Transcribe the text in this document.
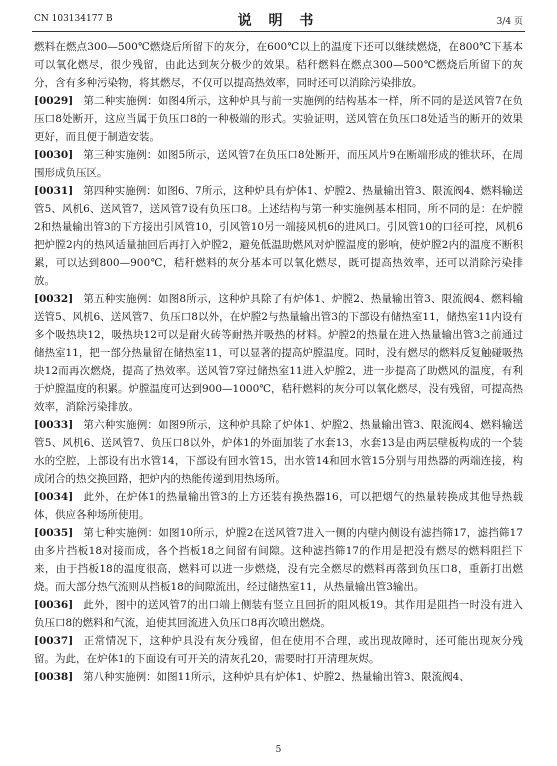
CN 103134177 B	说 明 书	3/4 页

燃料在燃点300—500℃燃烧后所留下的灰分，在600℃以上的温度下还可以继续燃烧，在800℃下基本可以氧化燃尽，很少残留，由此达到灰分极少的效果。秸秆燃料在燃点300—500℃燃烧后所留下的灰分，含有多种污染物，将其燃尽，不仅可以提高热效率，同时还可以消除污染排放。

[0029] 第二种实施例：如图4所示，这种炉具与前一实施例的结构基本一样，所不同的是送风管7在负压口8处断开，这应当属于负压口8的一种极端的形式。实验证明，送风管在负压口8处适当的断开的效果更好，而且便于制造安装。

[0030] 第三种实施例：如图5所示，送风管7在负压口8处断开，而压风片9在断端形成的锥状环，在周围形成负压区。

[0031] 第四种实施例：如图6、7所示，这种炉具有炉体1、炉膛2、热量输出管3、限流阀4、燃料输送管5、风机6、送风管7，送风管7设有负压口8。上述结构与第一种实施例基本相同，所不同的是：在炉膛2和热量输出管3的下方接出引风管10，引风管10另一端接风机6的进风口。引风管10的口径可控，风机6把炉膛2内的热风适量抽回后再打入炉膛2，避免低温助燃风对炉膛温度的影响，使炉膛2内的温度不断积累，可以达到800—900℃，秸秆燃料的灰分基本可以氧化燃尽，既可提高热效率，还可以消除污染排放。

[0032] 第五种实施例：如图8所示，这种炉具除了有炉体1、炉膛2、热量输出管3、限流阀4、燃料输送管5、风机6、送风管7、负压口8以外，在炉膛2与热量输出管3的下部设有储热室11，储热室11内设有多个吸热块12，吸热块12可以是耐火砖等耐热并吸热的材料。炉膛2的热量在进入热量输出管3之前通过储热室11，把一部分热量留在储热室11，可以显著的提高炉膛温度。同时，没有燃尽的燃料反复触碰吸热块12而再次燃烧，提高了热效率。送风管7穿过储热室11进入炉膛2，进一步提高了助燃风的温度，有利于炉膛温度的积累。炉膛温度可达到900—1000℃，秸秆燃料的灰分可以氧化燃尽，没有残留，可提高热效率，消除污染排放。

[0033] 第六种实施例：如图9所示，这种炉具除了炉体1、炉膛2、热量输出管3、限流阀4、燃料输送管5、风机6、送风管7、负压口8以外，炉体1的外面加装了水套13，水套13是由两层壁板构成的一个装水的空腔，上部设有出水管14，下部设有回水管15，出水管14和回水管15分别与用热器的两端连接，构成闭合的热交换回路，把炉内的热能传递到用热场所。

[0034] 此外，在炉体1的热量输出管3的上方还装有换热器16，可以把烟气的热量转换成其他导热载体，供应各种场所使用。

[0035] 第七种实施例：如图10所示，炉膛2在送风管7进入一侧的内壁内侧设有滤挡筛17，滤挡筛17由多片挡板18对接而成，各个挡板18之间留有间隙。这种滤挡筛17的作用是把没有燃尽的燃料阻拦下来，由于挡板18的温度很高，燃料可以进一步燃烧，没有完全燃尽的燃料再落到负压口8，重新打出燃烧。而大部分热气流则从挡板18的间隙流出，经过储热室11，从热量输出管3输出。

[0036] 此外，图中的送风管7的出口端上侧装有竖立且回折的阻风板19。其作用是阻挡一时没有进入负压口8的燃料和气流，迫使其回流进入负压口8再次喷出燃烧。

[0037] 正常情况下，这种炉具没有灰分残留，但在使用不合理，或出现故障时，还可能出现灰分残留。为此，在炉体1的下面设有可开关的清灰孔20，需要时打开清理灰烬。

[0038] 第八种实施例：如图11所示，这种炉具有炉体1、炉膛2、热量输出管3、限流阀4、

5
